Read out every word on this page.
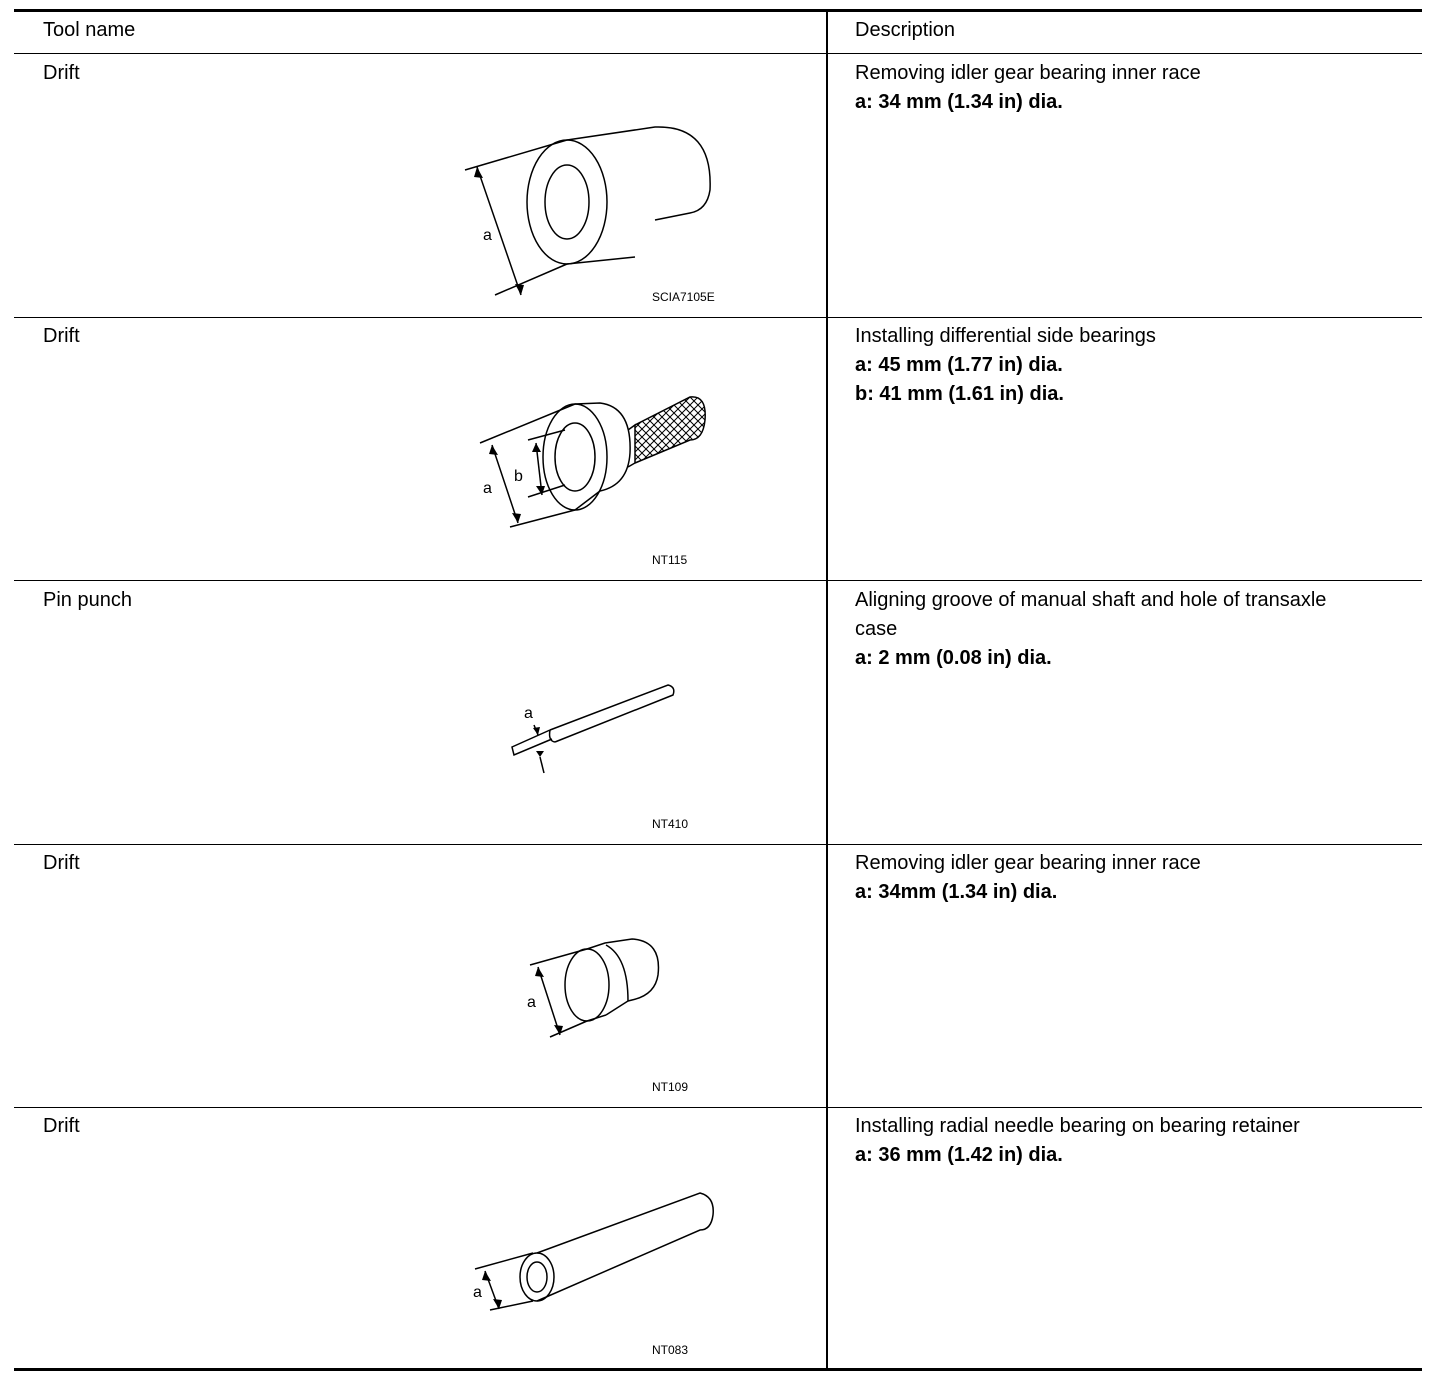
Tool name	Description
Drift	Removing idler gear bearing inner race
a: 34 mm (1.34 in) dia.
a
SCIA7105E
Drift	Installing differential side bearings
a: 45 mm (1.77 in) dia.
b: 41 mm (1.61 in) dia.
a
b
NT115
Pin punch	Aligning groove of manual shaft and hole of transaxle
case
a: 2 mm (0.08 in) dia.
a
NT410
Drift	Removing idler gear bearing inner race
a: 34mm (1.34 in) dia.
a
NT109
Drift	Installing radial needle bearing on bearing retainer
a: 36 mm (1.42 in) dia.
a
NT083
